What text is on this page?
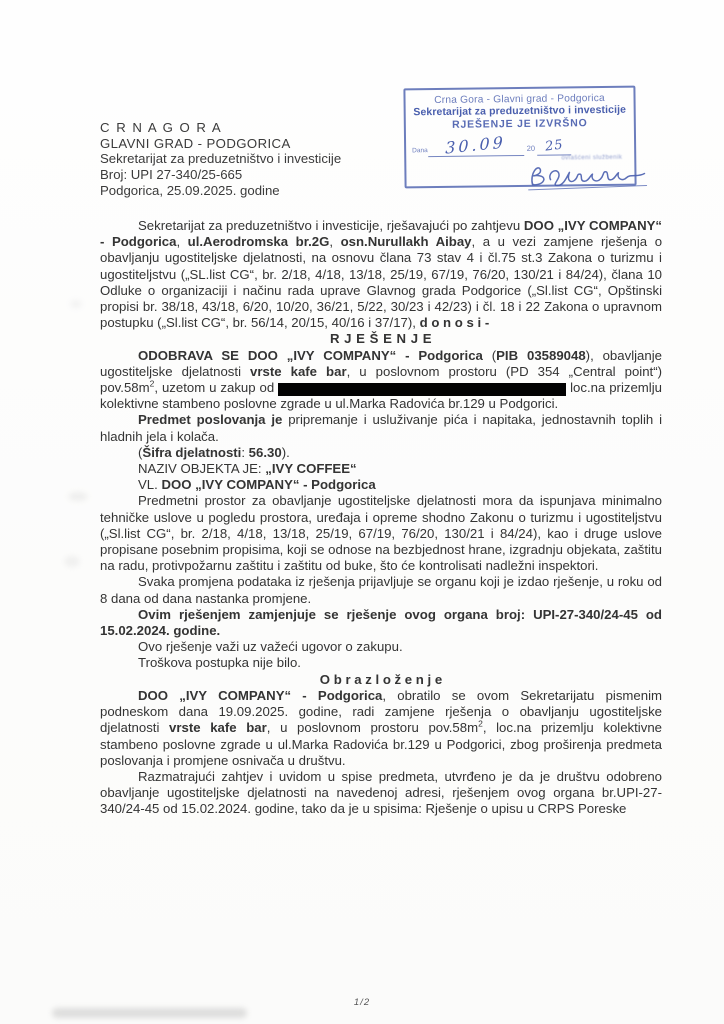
C R N A G O R A
GLAVNI GRAD - PODGORICA
Sekretarijat za preduzetništvo i investicije
Broj: UPI 27-340/25-665
Podgorica, 25.09.2025. godine
Crna Gora - Glavni grad - Podgorica
Sekretarijat za preduzetništvo i investicije
RJEŠENJE JE IZVRŠNO
Dana	30.09	20 25
ovlašćeni službenik

Sekretarijat za preduzetništvo i investicije, rješavajući po zahtjevu DOO „IVY COMPANY“ - Podgorica, ul.Aerodromska br.2G, osn.Nurullakh Aibay, a u vezi zamjene rješenja o obavljanju ugostiteljske djelatnosti, na osnovu člana 73 stav 4 i čl.75 st.3 Zakona o turizmu i ugostiteljstvu („SL.list CG“, br. 2/18, 4/18, 13/18, 25/19, 67/19, 76/20, 130/21 i 84/24), člana 10 Odluke o organizaciji i načinu rada uprave Glavnog grada Podgorice („Sl.list CG“, Opštinski propisi br. 38/18, 43/18, 6/20, 10/20, 36/21, 5/22, 30/23 i 42/23) i čl. 18 i 22 Zakona o upravnom postupku („Sl.list CG“, br. 56/14, 20/15, 40/16 i 37/17), d o n o s i -

R J E Š E N J E

ODOBRAVA SE DOO „IVY COMPANY“ - Podgorica (PIB 03589048), obavljanje ugostiteljske djelatnosti vrste kafe bar, u poslovnom prostoru (PD 354 „Central point“) $pov.58m^2$, uzetom u zakup od	loc.na prizemlju kolektivne stambeno poslovne zgrade u ul.Marka Radovića br.129 u Podgorici.

Predmet poslovanja je pripremanje i usluživanje pića i napitaka, jednostavnih toplih i hladnih jela i kolača.

(Šifra djelatnosti: 56.30).

NAZIV OBJEKTA JE: „IVY COFFEE“

VL. DOO „IVY COMPANY“ - Podgorica

Predmetni prostor za obavljanje ugostiteljske djelatnosti mora da ispunjava minimalno tehničke uslove u pogledu prostora, uređaja i opreme shodno Zakonu o turizmu i ugostiteljstvu („Sl.list CG“, br. 2/18, 4/18, 13/18, 25/19, 67/19, 76/20, 130/21 i 84/24), kao i druge uslove propisane posebnim propisima, koji se odnose na bezbjednost hrane, izgradnju objekata, zaštitu na radu, protivpožarnu zaštitu i zaštitu od buke, što će kontrolisati nadležni inspektori.

Svaka promjena podataka iz rješenja prijavljuje se organu koji je izdao rješenje, u roku od 8 dana od dana nastanka promjene.

Ovim rješenjem zamjenjuje se rješenje ovog organa broj: UPI-27-340/24-45 od 15.02.2024. godine.

Ovo rješenje važi uz važeći ugovor o zakupu.

Troškova postupka nije bilo.

O b r a z l o ž e n j e

DOO „IVY COMPANY“ - Podgorica, obratilo se ovom Sekretarijatu pismenim podneskom dana 19.09.2025. godine, radi zamjene rješenja o obavljanju ugostiteljske djelatnosti vrste kafe bar, u poslovnom prostoru $pov.58m^2$, loc.na prizemlju kolektivne stambeno poslovne zgrade u ul.Marka Radovića br.129 u Podgorici, zbog proširenja predmeta poslovanja i promjene osnivača u društvu.

Razmatrajući zahtjev i uvidom u spise predmeta, utvrđeno je da je društvu odobreno obavljanje ugostiteljske djelatnosti na navedenoj adresi, rješenjem ovog organa br.UPI-27-340/24-45 od 15.02.2024. godine, tako da je u spisima: Rješenje o upisu u CRPS Poreske

1/2
